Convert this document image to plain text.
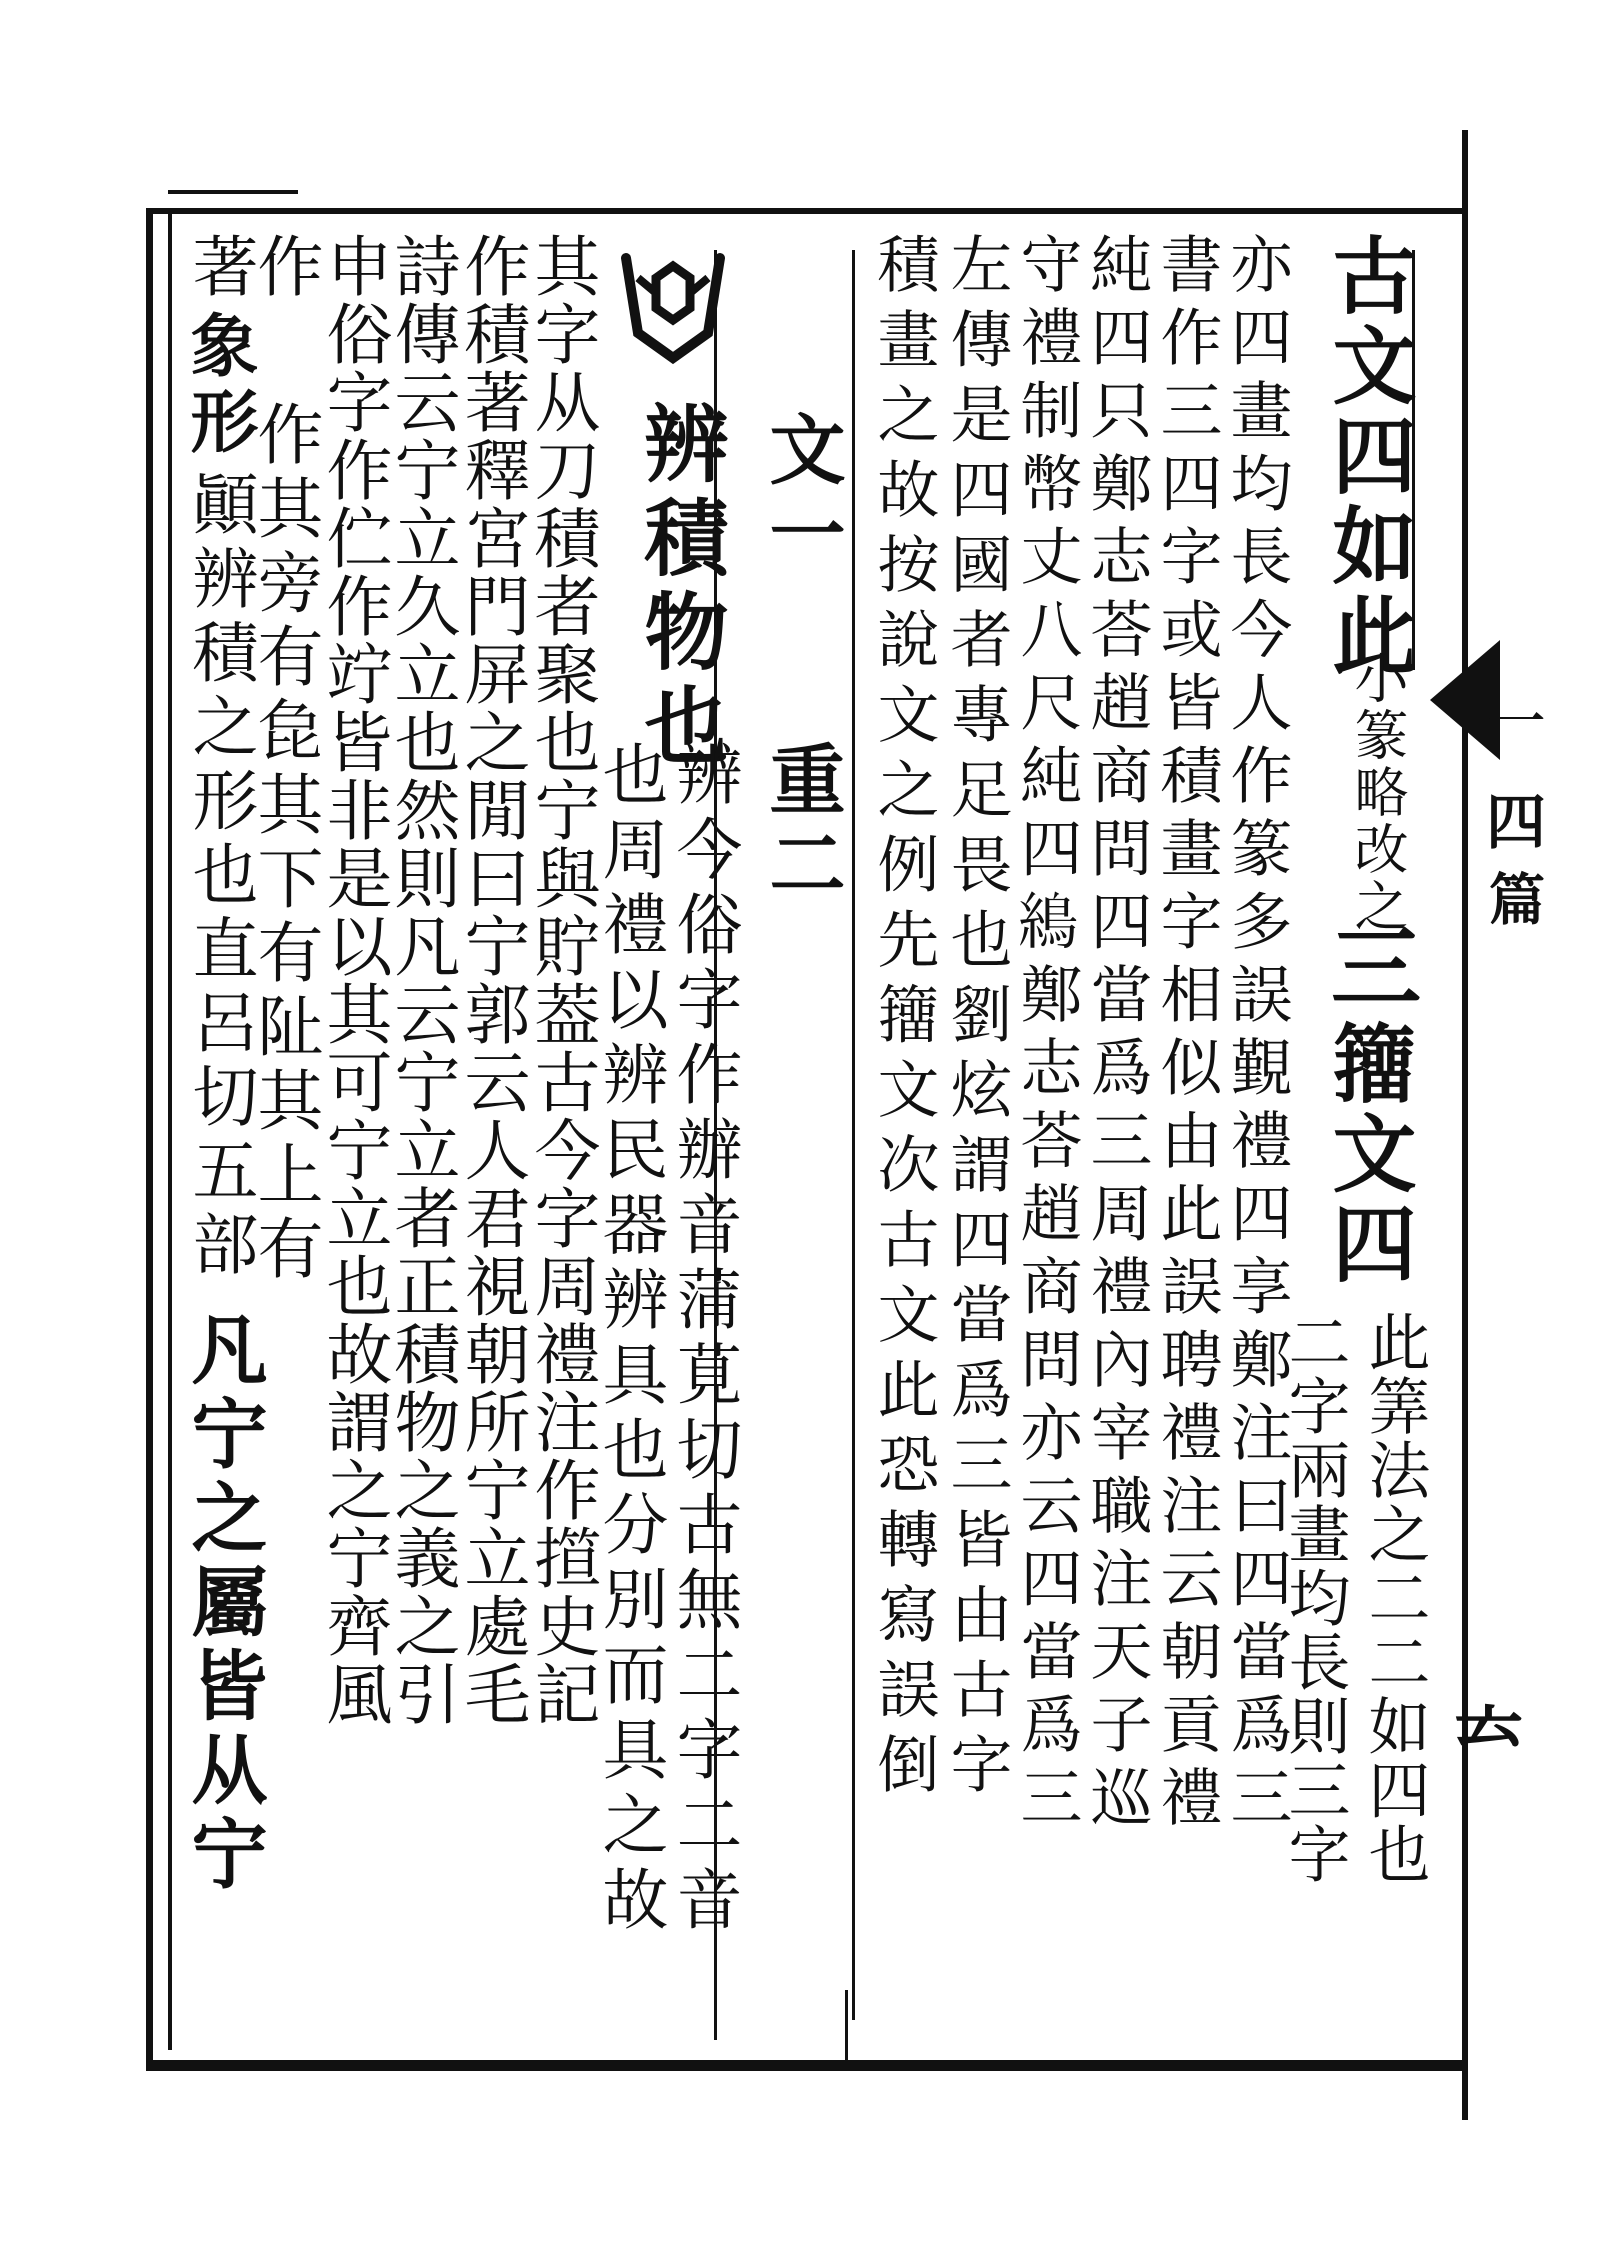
一
四
篇
𠫓
古文四如此
小篆略改之
三
籒文四
此筭法之二二如四也
二字兩畫均長則三字
亦四畫均長今人作篆多誤覲禮四享鄭注曰四當爲三
書作三四字或皆積畫字相似由此誤聘禮注云朝貢禮
純四只鄭志荅趙商問四當爲三周禮內宰職注天子巡
守禮制幣丈八尺純四𦄋鄭志荅趙商問亦云四當爲三
左傳是四國者專足畏也劉炫謂四當爲三皆由古字
積畫之故按說文之例先籒文次古文此恐轉寫誤倒
文一
重二
辨積物也
辨今俗字作辦音蒲莧切古無二字二音
也周禮以辨民器辨具也分別而具之故
其字从刀積者聚也宁與貯葢古今字周禮注作𢴈史記
作積著釋宮門屏之閒曰宁郭云人君視朝所宁立處毛
詩傳云宁立久立也然則凡云宁立者正積物之義之引
申俗字作伫作竚皆非是以其可宁立也故謂之宁齊風
作
作其旁有㲋其下有阯其上有
著
象形
顚辨積之形也直呂切五部
凡宁之屬皆从宁
